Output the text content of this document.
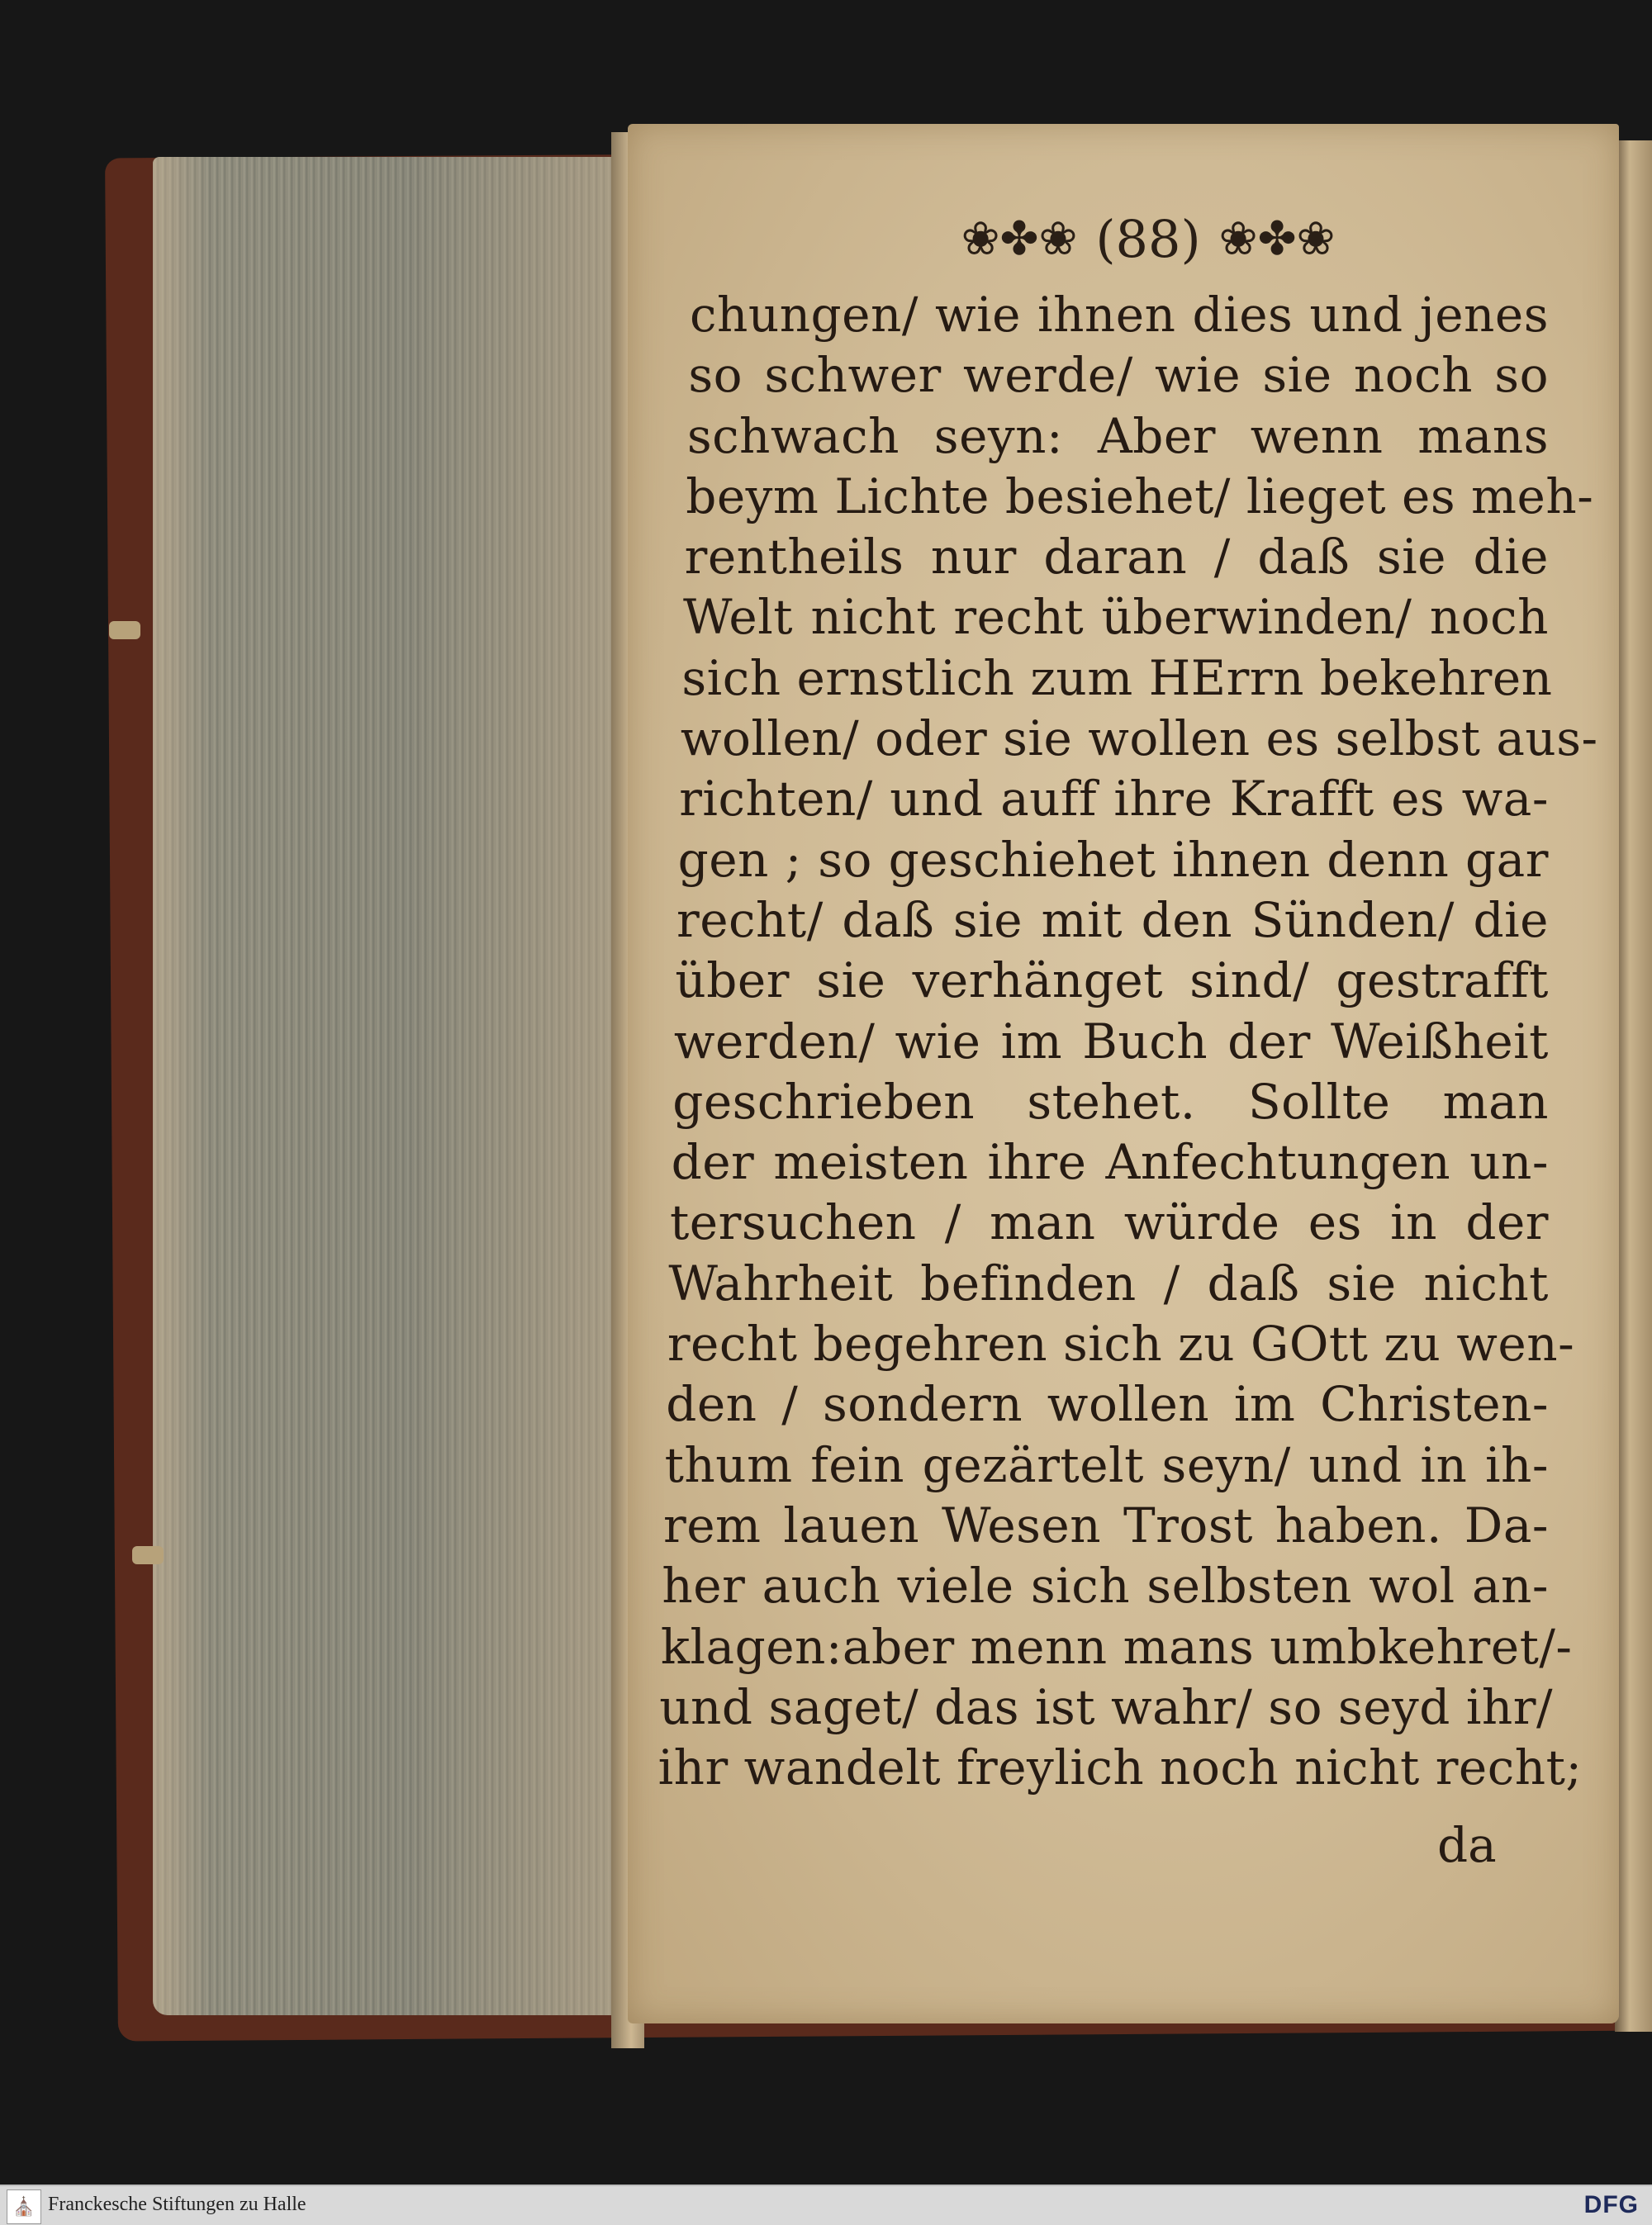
❀✤❀ (88) ❀✤❀
chungen/ wie ihnen dies und jenes
so schwer werde/ wie sie noch so
schwach seyn: Aber wenn mans
beym Lichte besiehet/ lieget es meh-
rentheils nur daran / daß sie die
Welt nicht recht überwinden/ noch
sich ernstlich zum HErrn bekehren
wollen/ oder sie wollen es selbst aus-
richten/ und auff ihre Krafft es wa-
gen ; so geschiehet ihnen denn gar
recht/ daß sie mit den Sünden/ die
über sie verhänget sind/ gestrafft
werden/ wie im Buch der Weißheit
geschrieben stehet. Sollte man
der meisten ihre Anfechtungen un-
tersuchen / man würde es in der
Wahrheit befinden / daß sie nicht
recht begehren sich zu GOtt zu wen-
den / sondern wollen im Christen-
thum fein gezärtelt seyn/ und in ih-
rem lauen Wesen Trost haben. Da-
her auch viele sich selbsten wol an-
klagen:aber menn mans umbkehret/-
und saget/ das ist wahr/ so seyd ihr/
ihr wandelt freylich noch nicht recht;
da
⛪ Franckesche Stiftungen zu Halle	DFG
